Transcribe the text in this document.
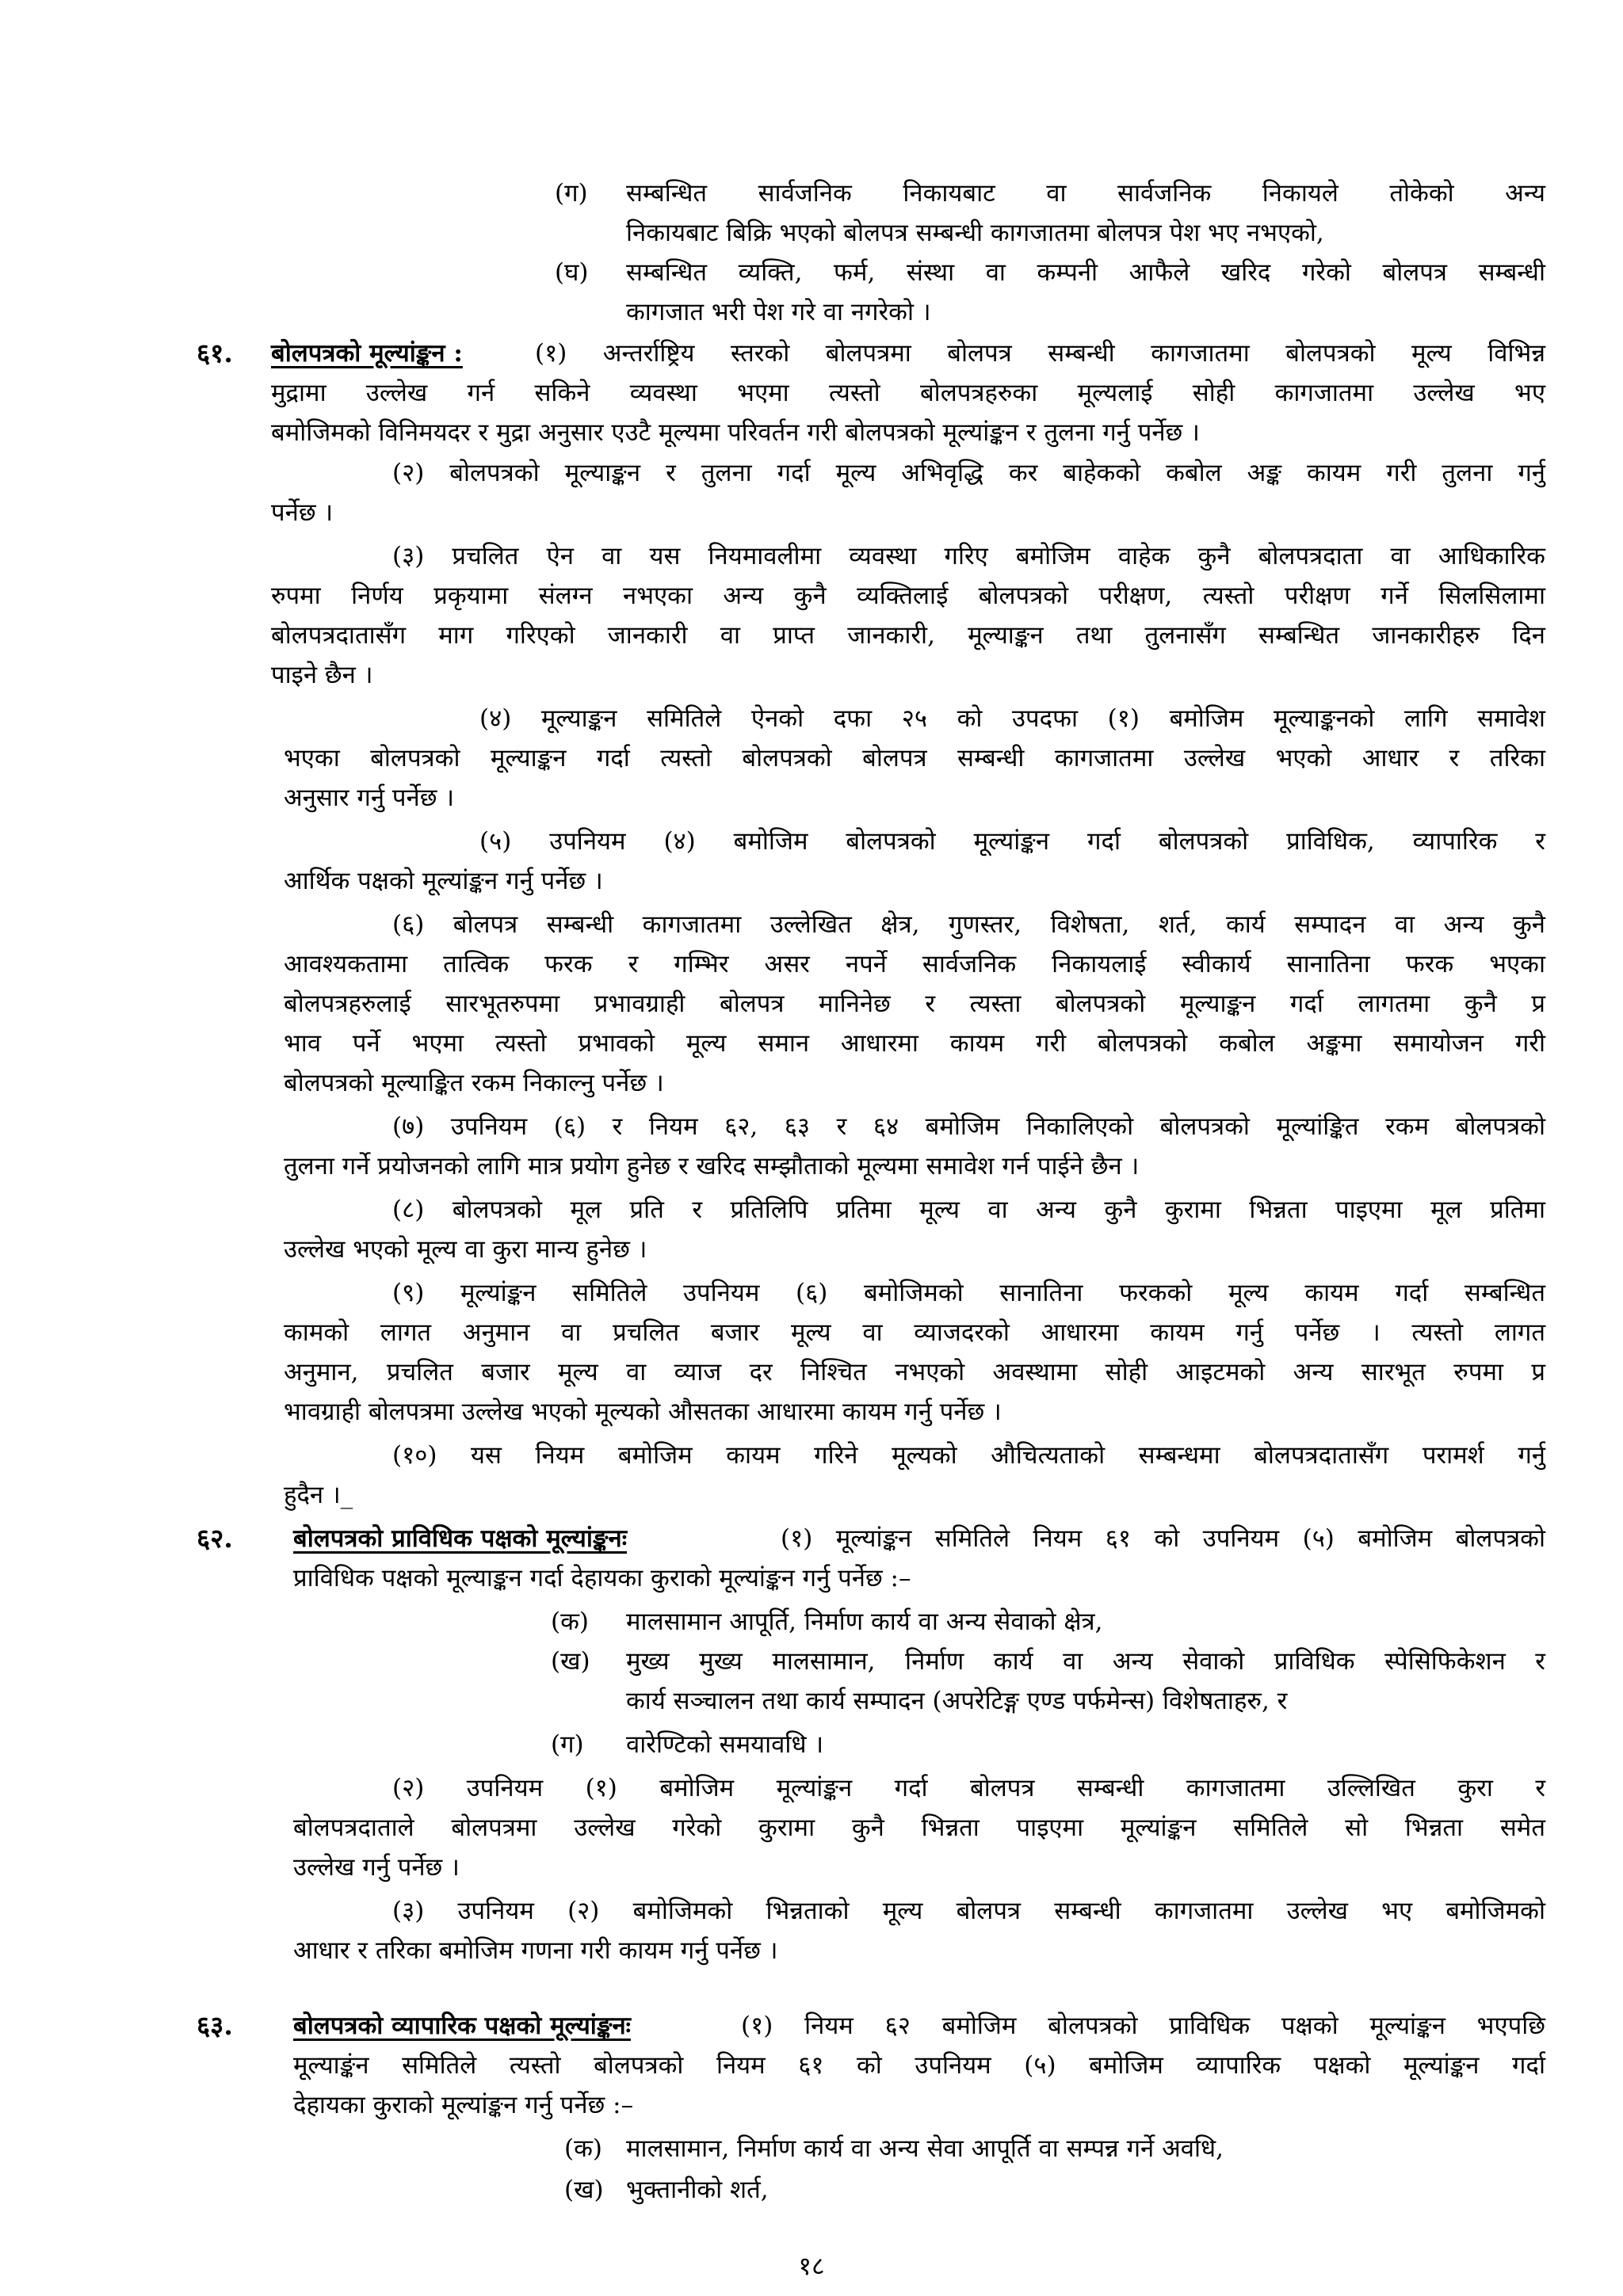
(ग) सम्बन्धित सार्वजनिक निकायबाट वा सार्वजनिक निकायले तोकेको अन्य
निकायबाट बिक्रि भएको बोलपत्र सम्बन्धी कागजातमा बोलपत्र पेश भए नभएको,
(घ) सम्बन्धित व्यक्ति, फर्म, संस्था वा कम्पनी आफैले खरिद गरेको बोलपत्र सम्बन्धी
कागजात भरी पेश गरे वा नगरेको ।
६१. बोलपत्रको मूल्यांङ्कन :	(१) अन्तर्राष्ट्रिय स्तरको बोलपत्रमा बोलपत्र सम्बन्धी कागजातमा बोलपत्रको मूल्य विभिन्न
मुद्रामा उल्लेख गर्न सकिने व्यवस्था भएमा त्यस्तो बोलपत्रहरुका मूल्यलाई सोही कागजातमा उल्लेख भए
बमोजिमको विनिमयदर र मुद्रा अनुसार एउटै मूल्यमा परिवर्तन गरी बोलपत्रको मूल्यांङ्कन र तुलना गर्नु पर्नेछ ।
(२) बोलपत्रको मूल्याङ्कन र तुलना गर्दा मूल्य अभिवृद्धि कर बाहेकको कबोल अङ्क कायम गरी तुलना गर्नु
पर्नेछ ।
(३) प्रचलित ऐन वा यस नियमावलीमा व्यवस्था गरिए बमोजिम वाहेक कुनै बोलपत्रदाता वा आधिकारिक
रुपमा निर्णय प्रकृयामा संलग्न नभएका अन्य कुनै व्यक्तिलाई बोलपत्रको परीक्षण, त्यस्तो परीक्षण गर्ने सिलसिलामा
बोलपत्रदातासँग माग गरिएको जानकारी वा प्राप्त जानकारी, मूल्याङ्कन तथा तुलनासँग सम्बन्धित जानकारीहरु दिन
पाइने छैन ।
(४) मूल्याङ्कन समितिले ऐनको दफा २५ को उपदफा (१) बमोजिम मूल्याङ्कनको लागि समावेश
भएका बोलपत्रको मूल्याङ्कन गर्दा त्यस्तो बोलपत्रको बोलपत्र सम्बन्धी कागजातमा उल्लेख भएको आधार र तरिका
अनुसार गर्नु पर्नेछ ।
(५) उपनियम (४) बमोजिम बोलपत्रको मूल्यांङ्कन गर्दा बोलपत्रको प्राविधिक, व्यापारिक र
आर्थिक पक्षको मूल्यांङ्कन गर्नु पर्नेछ ।
(६) बोलपत्र सम्बन्धी कागजातमा उल्लेखित क्षेत्र, गुणस्तर, विशेषता, शर्त, कार्य सम्पादन वा अन्य कुनै
आवश्यकतामा तात्विक फरक र गम्भिर असर नपर्ने सार्वजनिक निकायलाई स्वीकार्य सानातिना फरक भएका
बोलपत्रहरुलाई सारभूतरुपमा प्रभावग्राही बोलपत्र मानिनेछ र त्यस्ता बोलपत्रको मूल्याङ्कन गर्दा लागतमा कुनै प्र
भाव पर्ने भएमा त्यस्तो प्रभावको मूल्य समान आधारमा कायम गरी बोलपत्रको कबोल अङ्कमा समायोजन गरी
बोलपत्रको मूल्याङ्कित रकम निकाल्नु पर्नेछ ।
(७) उपनियम (६) र नियम ६२, ६३ र ६४ बमोजिम निकालिएको बोलपत्रको मूल्यांङ्कित रकम बोलपत्रको
तुलना गर्ने प्रयोजनको लागि मात्र प्रयोग हुनेछ र खरिद सम्झौताको मूल्यमा समावेश गर्न पाईने छैन ।
(८) बोलपत्रको मूल प्रति र प्रतिलिपि प्रतिमा मूल्य वा अन्य कुनै कुरामा भिन्नता पाइएमा मूल प्रतिमा
उल्लेख भएको मूल्य वा कुरा मान्य हुनेछ ।
(९) मूल्यांङ्कन समितिले उपनियम (६) बमोजिमको सानातिना फरकको मूल्य कायम गर्दा सम्बन्धित
कामको लागत अनुमान वा प्रचलित बजार मूल्य वा व्याजदरको आधारमा कायम गर्नु पर्नेछ । त्यस्तो लागत
अनुमान, प्रचलित बजार मूल्य वा व्याज दर निश्चित नभएको अवस्थामा सोही आइटमको अन्य सारभूत रुपमा प्र
भावग्राही बोलपत्रमा उल्लेख भएको मूल्यको औसतका आधारमा कायम गर्नु पर्नेछ ।
(१०) यस नियम बमोजिम कायम गरिने मूल्यको औचित्यताको सम्बन्धमा बोलपत्रदातासँग परामर्श गर्नु
हुदैन ।_
६२. बोलपत्रको प्राविधिक पक्षको मूल्यांङ्कनः	(१) मूल्यांङ्कन समितिले नियम ६१ को उपनियम (५) बमोजिम बोलपत्रको
प्राविधिक पक्षको मूल्याङ्कन गर्दा देहायका कुराको मूल्यांङ्कन गर्नु पर्नेछ :–
(क) मालसामान आपूर्ति, निर्माण कार्य वा अन्य सेवाको क्षेत्र,
(ख) मुख्य मुख्य मालसामान, निर्माण कार्य वा अन्य सेवाको प्राविधिक स्पेसिफिकेशन र
कार्य सञ्चालन तथा कार्य सम्पादन (अपरेटिङ्ग एण्ड पर्फमेन्स) विशेषताहरु, र
(ग) वारेण्टिको समयावधि ।
(२) उपनियम (१) बमोजिम मूल्यांङ्कन गर्दा बोलपत्र सम्बन्धी कागजातमा उल्लिखित कुरा र
बोलपत्रदाताले बोलपत्रमा उल्लेख गरेको कुरामा कुनै भिन्नता पाइएमा मूल्यांङ्कन समितिले सो भिन्नता समेत
उल्लेख गर्नु पर्नेछ ।
(३) उपनियम (२) बमोजिमको भिन्नताको मूल्य बोलपत्र सम्बन्धी कागजातमा उल्लेख भए बमोजिमको
आधार र तरिका बमोजिम गणना गरी कायम गर्नु पर्नेछ ।
६३. बोलपत्रको व्यापारिक पक्षको मूल्यांङ्कनः	(१) नियम ६२ बमोजिम बोलपत्रको प्राविधिक पक्षको मूल्यांङ्कन भएपछि
मूल्याङ्कंन समितिले त्यस्तो बोलपत्रको नियम ६१ को उपनियम (५) बमोजिम व्यापारिक पक्षको मूल्यांङ्कन गर्दा
देहायका कुराको मूल्यांङ्कन गर्नु पर्नेछ :–
(क) मालसामान, निर्माण कार्य वा अन्य सेवा आपूर्ति वा सम्पन्न गर्ने अवधि,
(ख) भुक्तानीको शर्त,
१८
